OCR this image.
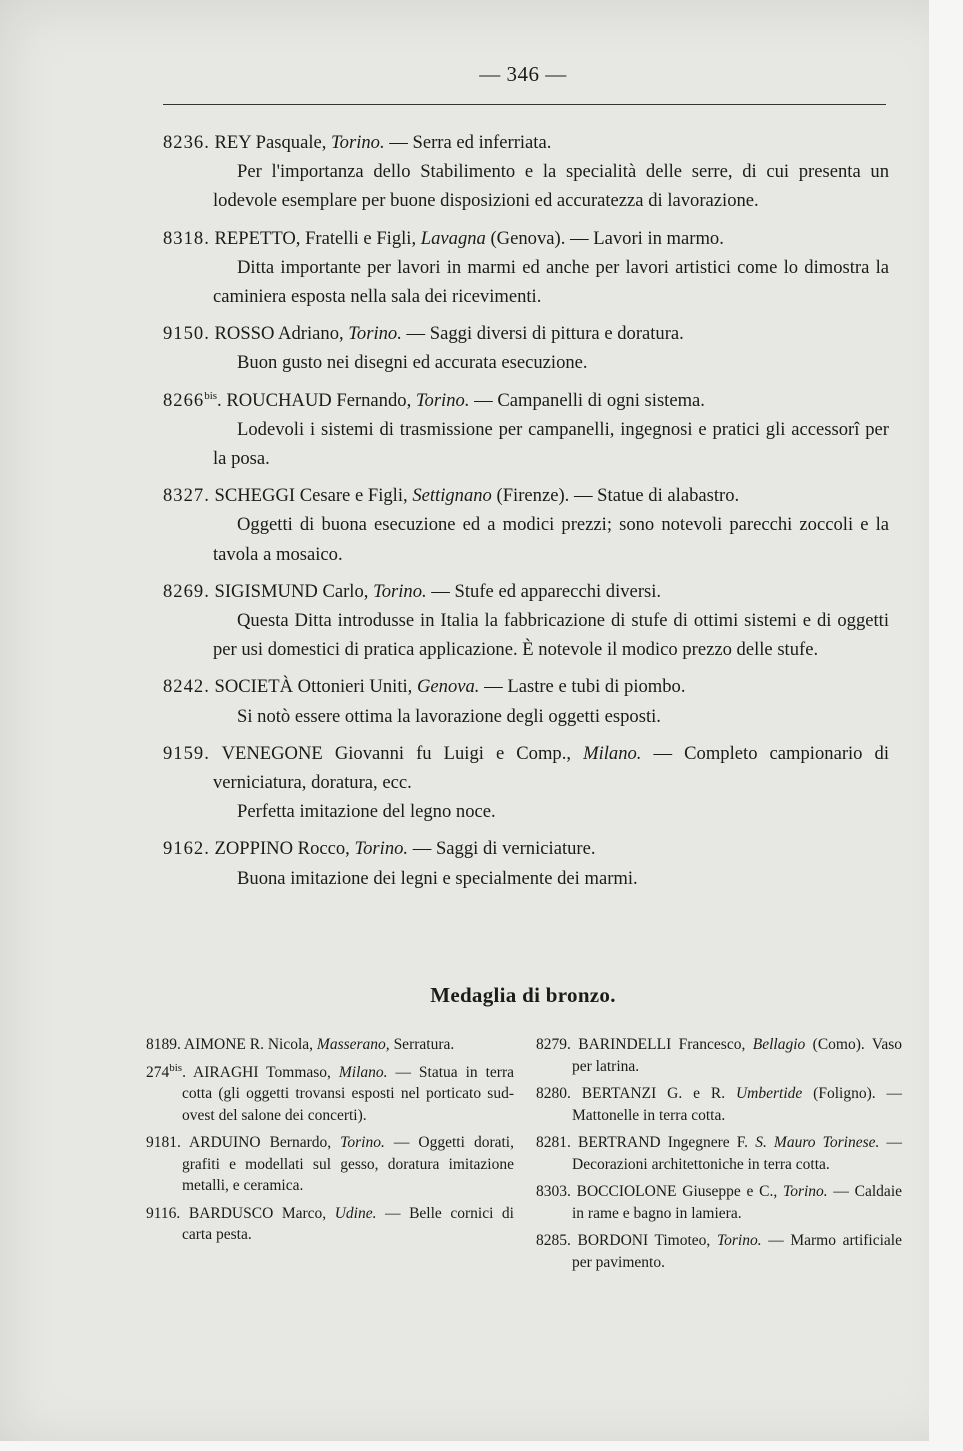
— 346 —

8236. REY Pasquale, Torino. — Serra ed inferriata.

Per l'importanza dello Stabilimento e la specialità delle serre, di cui presenta un lodevole esemplare per buone disposizioni ed accuratezza di lavorazione.

8318. REPETTO, Fratelli e Figli, Lavagna (Genova). — Lavori in marmo.

Ditta importante per lavori in marmi ed anche per lavori artistici come lo dimostra la caminiera esposta nella sala dei ricevimenti.

9150. ROSSO Adriano, Torino. — Saggi diversi di pittura e doratura.

Buon gusto nei disegni ed accurata esecuzione.

$8266^{bis}$. ROUCHAUD Fernando, Torino. — Campanelli di ogni sistema.

Lodevoli i sistemi di trasmissione per campanelli, ingegnosi e pratici gli accessorî per la posa.

8327. SCHEGGI Cesare e Figli, Settignano (Firenze). — Statue di alabastro.

Oggetti di buona esecuzione ed a modici prezzi; sono notevoli parecchi zoccoli e la tavola a mosaico.

8269. SIGISMUND Carlo, Torino. — Stufe ed apparecchi diversi.

Questa Ditta introdusse in Italia la fabbricazione di stufe di ottimi sistemi e di oggetti per usi domestici di pratica applicazione. È notevole il modico prezzo delle stufe.

8242. SOCIETÀ Ottonieri Uniti, Genova. — Lastre e tubi di piombo.

Si notò essere ottima la lavorazione degli oggetti esposti.

9159. VENEGONE Giovanni fu Luigi e Comp., Milano. — Completo campionario di verniciatura, doratura, ecc.

Perfetta imitazione del legno noce.

9162. ZOPPINO Rocco, Torino. — Saggi di verniciature.

Buona imitazione dei legni e specialmente dei marmi.

Medaglia di bronzo.

8189. AIMONE R. Nicola, Masserano, Serratura.

$274^{bis}$. AIRAGHI Tommaso, Milano. — Statua in terra cotta (gli oggetti trovansi esposti nel porticato sud-ovest del salone dei concerti).

9181. ARDUINO Bernardo, Torino. — Oggetti dorati, grafiti e modellati sul gesso, doratura imitazione metalli, e ceramica.

9116. BARDUSCO Marco, Udine. — Belle cornici di carta pesta.

8279. BARINDELLI Francesco, Bellagio (Como). Vaso per latrina.

8280. BERTANZI G. e R. Umbertide (Foligno). — Mattonelle in terra cotta.

8281. BERTRAND Ingegnere F. S. Mauro Torinese. — Decorazioni architettoniche in terra cotta.

8303. BOCCIOLONE Giuseppe e C., Torino. — Caldaie in rame e bagno in lamiera.

8285. BORDONI Timoteo, Torino. — Marmo artificiale per pavimento.
